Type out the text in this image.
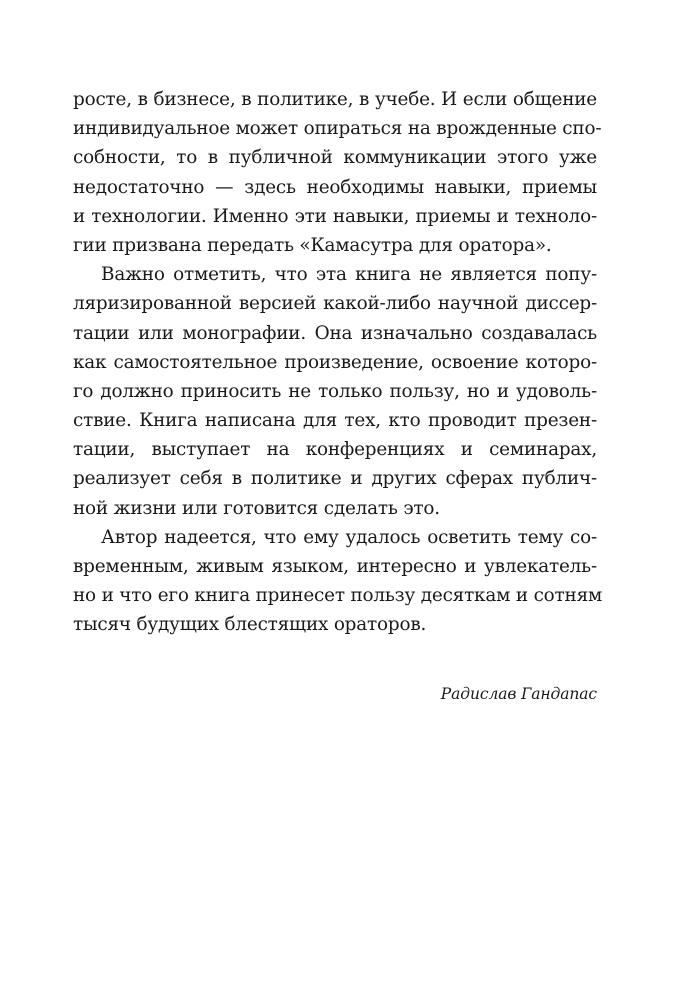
росте, в бизнесе, в политике, в учебе. И если общение
индивидуальное может опираться на врожденные спо-
собности, то в публичной коммуникации этого уже
недостаточно — здесь необходимы навыки, приемы
и технологии. Именно эти навыки, приемы и техноло-
гии призвана передать «Камасутра для оратора».
Важно отметить, что эта книга не является попу-
ляризированной версией какой-либо научной диссер-
тации или монографии. Она изначально создавалась
как самостоятельное произведение, освоение которо-
го должно приносить не только пользу, но и удоволь-
ствие. Книга написана для тех, кто проводит презен-
тации, выступает на конференциях и семинарах,
реализует себя в политике и других сферах публич-
ной жизни или готовится сделать это.
Автор надеется, что ему удалось осветить тему со-
временным, живым языком, интересно и увлекатель-
но и что его книга принесет пользу десяткам и сотням
тысяч будущих блестящих ораторов.
Радислав Гандапас
